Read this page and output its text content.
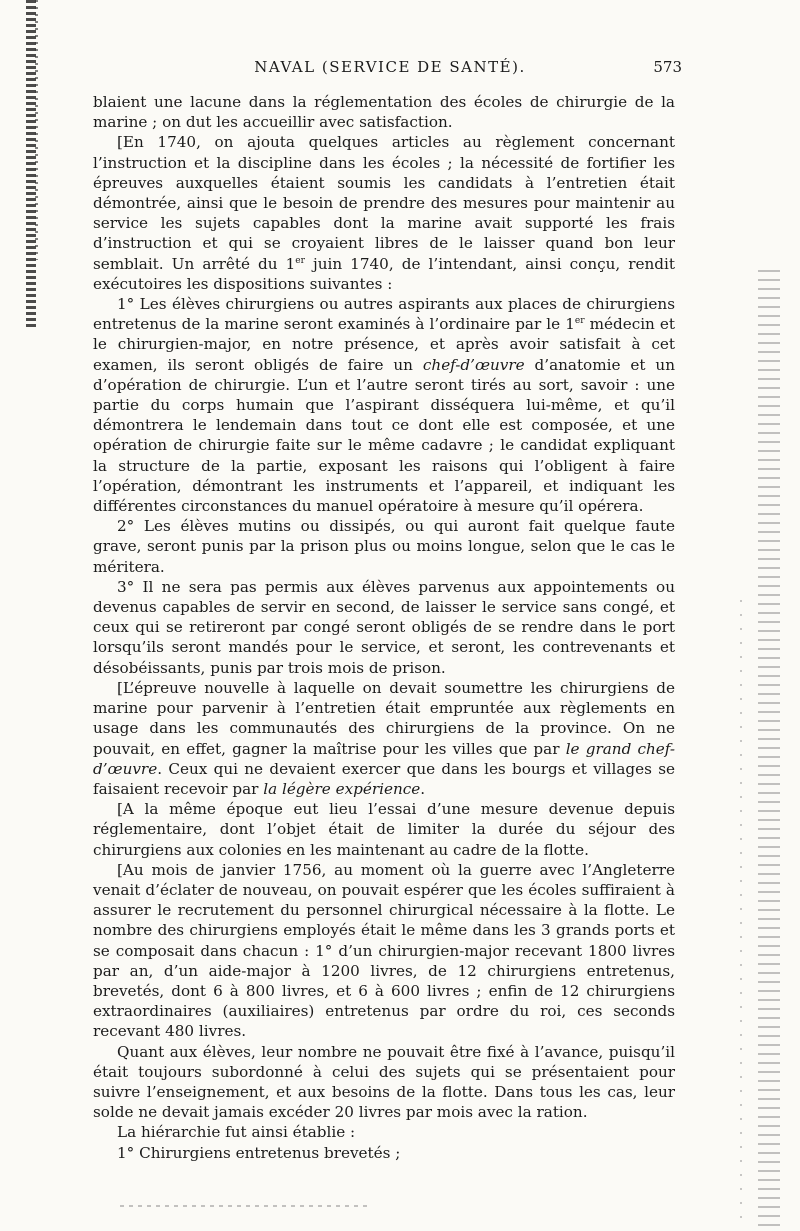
NAVAL (SERVICE DE SANTÉ).	573

blaient une lacune dans la réglementation des écoles de chirurgie de la marine ; on dut les accueillir avec satisfaction.

[En 1740, on ajouta quelques articles au règlement concernant l’instruction et la discipline dans les écoles ; la nécessité de fortifier les épreuves auxquelles étaient soumis les candidats à l’entretien était démontrée, ainsi que le besoin de prendre des mesures pour maintenir au service les sujets capables dont la marine avait supporté les frais d’instruction et qui se croyaient libres de le laisser quand bon leur semblait. Un arrêté du 1er juin 1740, de l’intendant, ainsi conçu, rendit exécutoires les dispositions suivantes :

1° Les élèves chirurgiens ou autres aspirants aux places de chirurgiens entretenus de la marine seront examinés à l’ordinaire par le 1er médecin et le chirurgien-major, en notre présence, et après avoir satisfait à cet examen, ils seront obligés de faire un chef-d’œuvre d’anatomie et un d’opération de chirurgie. L’un et l’autre seront tirés au sort, savoir : une partie du corps humain que l’aspirant disséquera lui-même, et qu’il démontrera le lendemain dans tout ce dont elle est composée, et une opération de chirurgie faite sur le même cadavre ; le candidat expliquant la structure de la partie, exposant les raisons qui l’obligent à faire l’opération, démontrant les instruments et l’appareil, et indiquant les différentes circonstances du manuel opératoire à mesure qu’il opérera.

2° Les élèves mutins ou dissipés, ou qui auront fait quelque faute grave, seront punis par la prison plus ou moins longue, selon que le cas le méritera.

3° Il ne sera pas permis aux élèves parvenus aux appointements ou devenus capables de servir en second, de laisser le service sans congé, et ceux qui se retireront par congé seront obligés de se rendre dans le port lorsqu’ils seront mandés pour le service, et seront, les contrevenants et désobéissants, punis par trois mois de prison.

[L’épreuve nouvelle à laquelle on devait soumettre les chirurgiens de marine pour parvenir à l’entretien était empruntée aux règlements en usage dans les communautés des chirurgiens de la province. On ne pouvait, en effet, gagner la maîtrise pour les villes que par le grand chef-d’œuvre. Ceux qui ne devaient exercer que dans les bourgs et villages se faisaient recevoir par la légère expérience.

[A la même époque eut lieu l’essai d’une mesure devenue depuis réglementaire, dont l’objet était de limiter la durée du séjour des chirurgiens aux colonies en les maintenant au cadre de la flotte.

[Au mois de janvier 1756, au moment où la guerre avec l’Angleterre venait d’éclater de nouveau, on pouvait espérer que les écoles suffiraient à assurer le recrutement du personnel chirurgical nécessaire à la flotte. Le nombre des chirurgiens employés était le même dans les 3 grands ports et se composait dans chacun : 1° d’un chirurgien-major recevant 1800 livres par an, d’un aide-major à 1200 livres, de 12 chirurgiens entretenus, brevetés, dont 6 à 800 livres, et 6 à 600 livres ; enfin de 12 chirurgiens extraordinaires (auxiliaires) entretenus par ordre du roi, ces seconds recevant 480 livres.

Quant aux élèves, leur nombre ne pouvait être fixé à l’avance, puisqu’il était toujours subordonné à celui des sujets qui se présentaient pour suivre l’enseignement, et aux besoins de la flotte. Dans tous les cas, leur solde ne devait jamais excéder 20 livres par mois avec la ration.

La hiérarchie fut ainsi établie :

1° Chirurgiens entretenus brevetés ;
